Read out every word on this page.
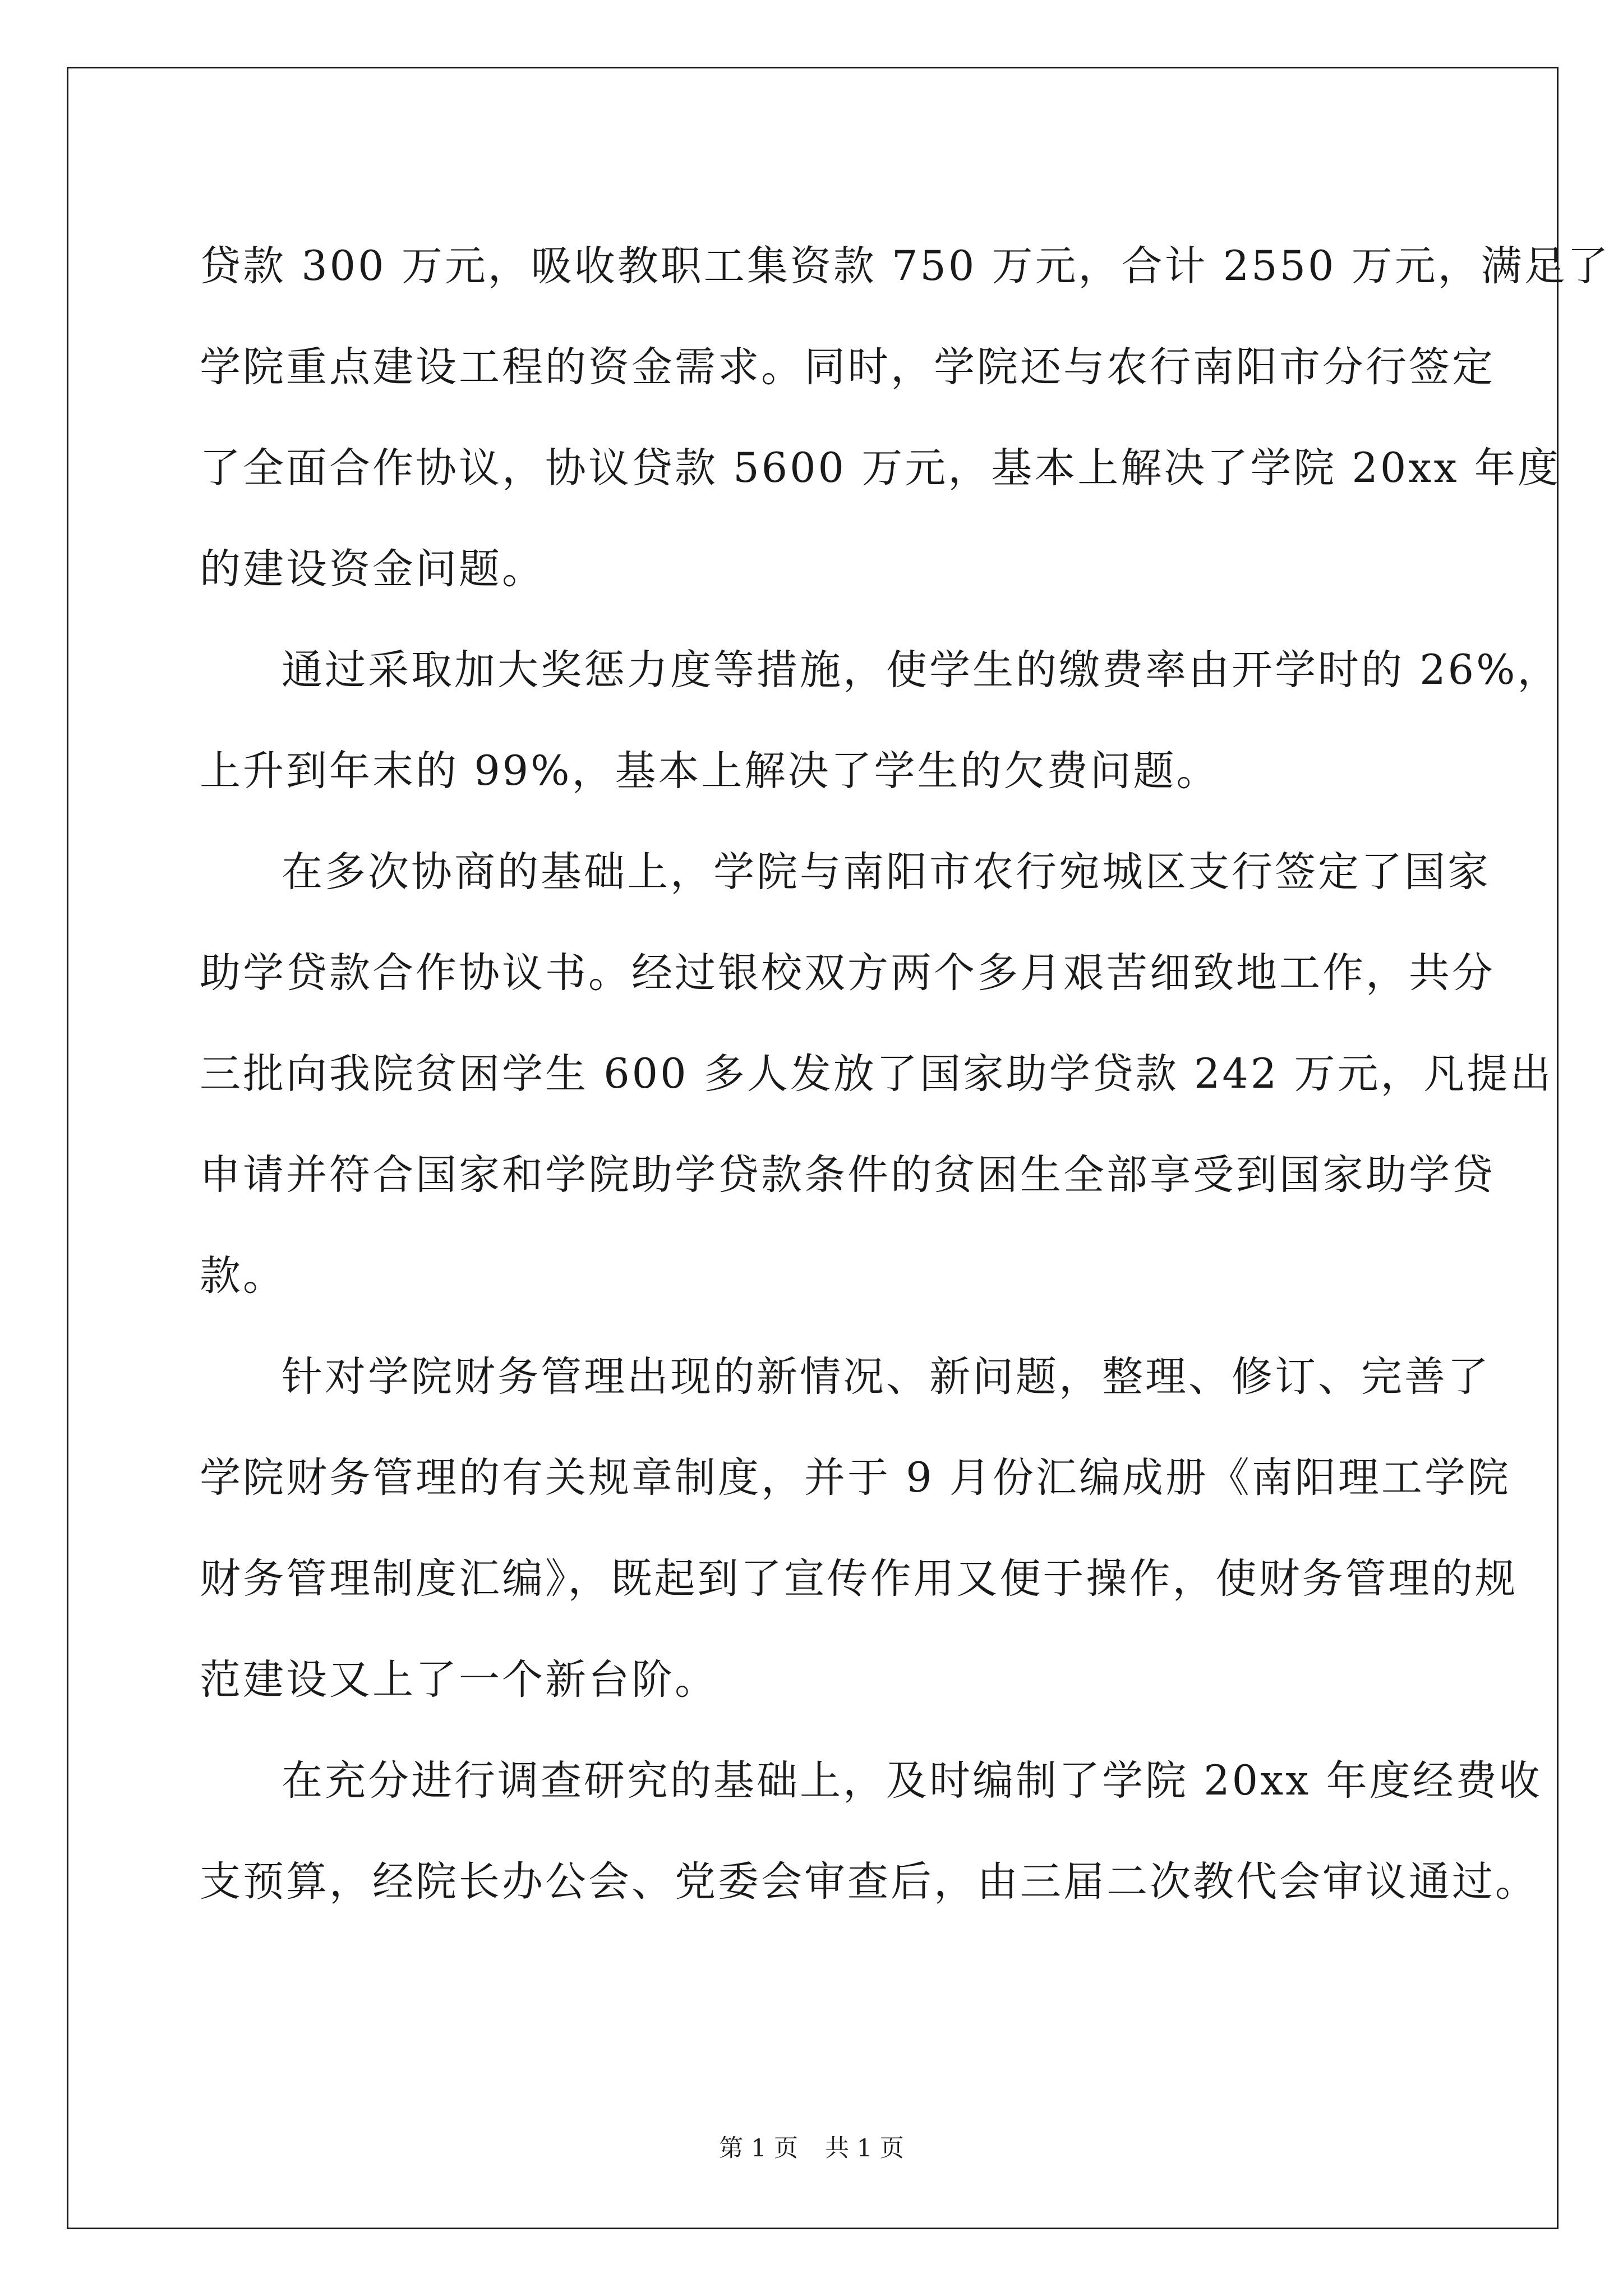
贷款 300 万元，吸收教职工集资款 750 万元，合计 2550 万元，满足了

学院重点建设工程的资金需求。同时，学院还与农行南阳市分行签定

了全面合作协议，协议贷款 5600 万元，基本上解决了学院 20xx 年度

的建设资金问题。

通过采取加大奖惩力度等措施，使学生的缴费率由开学时的 26%，

上升到年末的 99%，基本上解决了学生的欠费问题。

在多次协商的基础上，学院与南阳市农行宛城区支行签定了国家

助学贷款合作协议书。经过银校双方两个多月艰苦细致地工作，共分

三批向我院贫困学生 600 多人发放了国家助学贷款 242 万元，凡提出

申请并符合国家和学院助学贷款条件的贫困生全部享受到国家助学贷

款。

针对学院财务管理出现的新情况、新问题，整理、修订、完善了

学院财务管理的有关规章制度，并于 9 月份汇编成册《南阳理工学院

财务管理制度汇编》，既起到了宣传作用又便于操作，使财务管理的规

范建设又上了一个新台阶。

在充分进行调查研究的基础上，及时编制了学院 20xx 年度经费收

支预算，经院长办公会、党委会审查后，由三届二次教代会审议通过。

第 1 页 共 1 页
